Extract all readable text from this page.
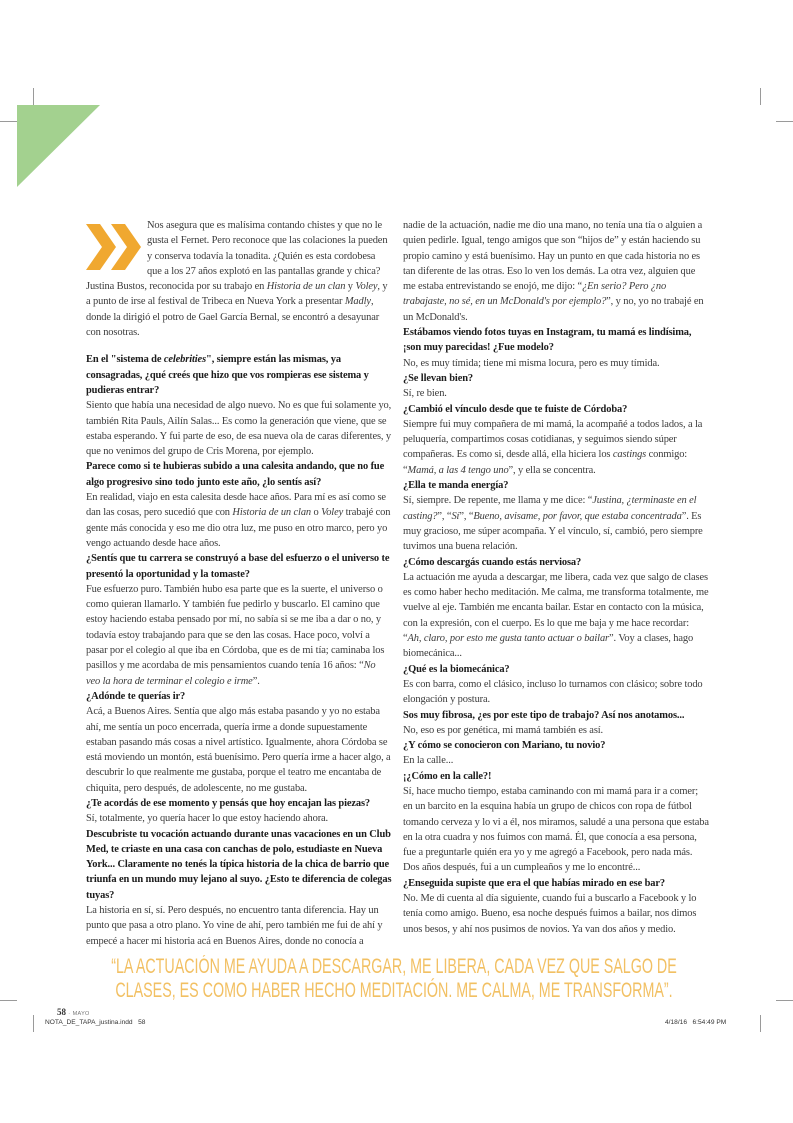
Nos asegura que es malísima contando chistes y que no le gusta el Fernet. Pero reconoce que las colaciones la pueden y conserva todavía la tonadita. ¿Quién es esta cordobesa que a los 27 años explotó en las pantallas grande y chica? Justina Bustos, reconocida por su trabajo en Historia de un clan y Voley, y a punto de irse al festival de Tribeca en Nueva York a presentar Madly, donde la dirigió el potro de Gael García Bernal, se encontró a desayunar con nosotras.

En el "sistema de celebrities", siempre están las mismas, ya consagradas, ¿qué creés que hizo que vos rompieras ese sistema y pudieras entrar?

Siento que había una necesidad de algo nuevo. No es que fui solamente yo, también Rita Pauls, Ailín Salas... Es como la generación que viene, que se estaba esperando. Y fui parte de eso, de esa nueva ola de caras diferentes, y que no venimos del grupo de Cris Morena, por ejemplo.

Parece como si te hubieras subido a una calesita andando, que no fue algo progresivo sino todo junto este año, ¿lo sentís así?

En realidad, viajo en esta calesita desde hace años. Para mí es así como se dan las cosas, pero sucedió que con Historia de un clan o Voley trabajé con gente más conocida y eso me dio otra luz, me puso en otro marco, pero yo vengo actuando desde hace años.

¿Sentís que tu carrera se construyó a base del esfuerzo o el universo te presentó la oportunidad y la tomaste?

Fue esfuerzo puro. También hubo esa parte que es la suerte, el universo o como quieran llamarlo. Y también fue pedirlo y buscarlo. El camino que estoy haciendo estaba pensado por mí, no sabía si se me iba a dar o no, y todavía estoy trabajando para que se den las cosas. Hace poco, volví a pasar por el colegio al que iba en Córdoba, que es de mi tía; caminaba los pasillos y me acordaba de mis pensamientos cuando tenía 16 años: “No veo la hora de terminar el colegio e irme”.

¿Adónde te querías ir?

Acá, a Buenos Aires. Sentía que algo más estaba pasando y yo no estaba ahí, me sentía un poco encerrada, quería irme a donde supuestamente estaban pasando más cosas a nivel artístico. Igualmente, ahora Córdoba se está moviendo un montón, está buenísimo. Pero quería irme a hacer algo, a descubrir lo que realmente me gustaba, porque el teatro me encantaba de chiquita, pero después, de adolescente, no me gustaba.

¿Te acordás de ese momento y pensás que hoy encajan las piezas?

Sí, totalmente, yo quería hacer lo que estoy haciendo ahora.

Descubriste tu vocación actuando durante unas vacaciones en un Club Med, te criaste en una casa con canchas de polo, estudiaste en Nueva York... Claramente no tenés la típica historia de la chica de barrio que triunfa en un mundo muy lejano al suyo. ¿Esto te diferencia de colegas tuyas?

La historia en sí, sí. Pero después, no encuentro tanta diferencia. Hay un punto que pasa a otro plano. Yo vine de ahí, pero también me fui de ahí y empecé a hacer mi historia acá en Buenos Aires, donde no conocía a

nadie de la actuación, nadie me dio una mano, no tenía una tía o alguien a quien pedirle. Igual, tengo amigos que son “hijos de” y están haciendo su propio camino y está buenísimo. Hay un punto en que cada historia no es tan diferente de las otras. Eso lo ven los demás. La otra vez, alguien que me estaba entrevistando se enojó, me dijo: “¿En serio? Pero ¿no trabajaste, no sé, en un McDonald's por ejemplo?”, y no, yo no trabajé en un McDonald's.

Estábamos viendo fotos tuyas en Instagram, tu mamá es lindísima, ¡son muy parecidas! ¿Fue modelo?

No, es muy tímida; tiene mi misma locura, pero es muy tímida.

¿Se llevan bien?

Sí, re bien.

¿Cambió el vínculo desde que te fuiste de Córdoba?

Siempre fui muy compañera de mi mamá, la acompañé a todos lados, a la peluquería, compartimos cosas cotidianas, y seguimos siendo súper compañeras. Es como si, desde allá, ella hiciera los castings conmigo: “Mamá, a las 4 tengo uno”, y ella se concentra.

¿Ella te manda energía?

Sí, siempre. De repente, me llama y me dice: “Justina, ¿terminaste en el casting?”, “Sí”, “Bueno, avisame, por favor, que estaba concentrada”. Es muy gracioso, me súper acompaña. Y el vínculo, sí, cambió, pero siempre tuvimos una buena relación.

¿Cómo descargás cuando estás nerviosa?

La actuación me ayuda a descargar, me libera, cada vez que salgo de clases es como haber hecho meditación. Me calma, me transforma totalmente, me vuelve al eje. También me encanta bailar. Estar en contacto con la música, con la expresión, con el cuerpo. Es lo que me baja y me hace recordar: “Ah, claro, por esto me gusta tanto actuar o bailar”. Voy a clases, hago biomecánica...

¿Qué es la biomecánica?

Es con barra, como el clásico, incluso lo turnamos con clásico; sobre todo elongación y postura.

Sos muy fibrosa, ¿es por este tipo de trabajo? Así nos anotamos...

No, eso es por genética, mi mamá también es así.

¿Y cómo se conocieron con Mariano, tu novio?

En la calle...

¡¿Cómo en la calle?!

Sí, hace mucho tiempo, estaba caminando con mi mamá para ir a comer; en un barcito en la esquina había un grupo de chicos con ropa de fútbol tomando cerveza y lo vi a él, nos miramos, saludé a una persona que estaba en la otra cuadra y nos fuimos con mamá. Él, que conocía a esa persona, fue a preguntarle quién era yo y me agregó a Facebook, pero nada más. Dos años después, fui a un cumpleaños y me lo encontré...

¿Enseguida supiste que era el que habías mirado en ese bar?

No. Me di cuenta al día siguiente, cuando fui a buscarlo a Facebook y lo tenía como amigo. Bueno, esa noche después fuimos a bailar, nos dimos unos besos, y ahí nos pusimos de novios. Ya van dos años y medio.

“LA ACTUACIÓN ME AYUDA A DESCARGAR, ME LIBERA, CADA VEZ QUE SALGO DE
CLASES, ES COMO HABER HECHO MEDITACIÓN. ME CALMA, ME TRANSFORMA”.
58 · MAYO
NOTA_DE_TAPA_justina.indd   58	4/18/16   6:54:49 PM
